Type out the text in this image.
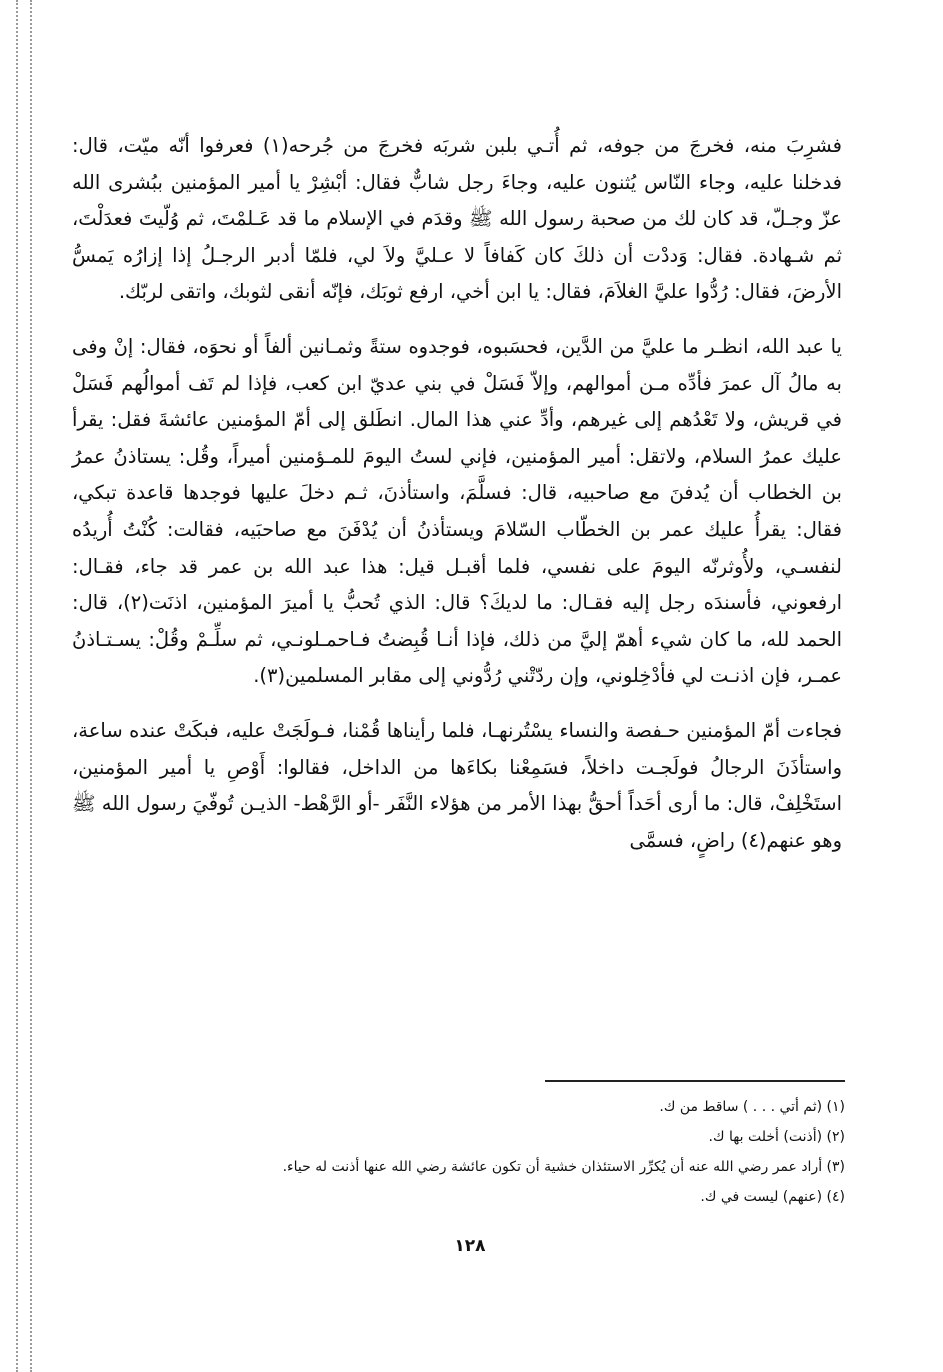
فشرِبَ منه، فخرجَ من جوفه، ثم أُتـي بلبن شربَه فخرجَ من جُرحه(١) فعرفوا أنّه ميّت، قال: فدخلنا عليه، وجاء النّاس يُثنون عليه، وجاءَ رجل شابٌّ فقال: أبْشِرْ يا أمير المؤمنين ببُشرى الله عزّ وجـلّ، قد كان لك من صحبة رسول الله ﷺ وقدَم في الإسلام ما قد عَـلمْتَ، ثم وُلّيتَ فعدَلْتَ، ثم شـهادة. فقال: وَددْت أن ذلكَ كان كَفافاً لا عـليَّ ولاَ لي، فلمّا أدبر الرجـلُ إذا إزارُه يَمسُّ الأرضَ، فقال: رُدُّوا عليَّ الغلاَمَ، فقال: يا ابن أخي، ارفع ثوبَك، فإنّه أنقى لثوبك، واتقى لربّك.

يا عبد الله، انظـر ما عليَّ من الدَّين، فحسَبوه، فوجدوه ستةً وثمـانين ألفاً أو نحوَه، فقال: إنْ وفى به مالُ آل عمرَ فأدِّه مـن أموالهم، وإلاّ فَسَلْ في بني عديّ ابن كعب، فإذا لم تَف أموالُهم فَسَلْ في قريش، ولا تَعْدُهم إلى غيرهم، وأدِّ عني هذا المال. انطَلق إلى أمّ المؤمنين عائشةَ فقل: يقرأ عليك عمرُ السلام، ولاتقل: أمير المؤمنين، فإني لستُ اليومَ للمـؤمنين أميراً، وقُل: يستاذنُ عمرُ بن الخطاب أن يُدفنَ مع صاحبيه، قال: فسلَّمَ، واستأذنَ، ثـم دخلَ عليها فوجدها قاعدة تبكي، فقال: يقرأُ عليك عمر بن الخطّاب السّلامَ ويستأذنُ أن يُدْفَنَ مع صاحبَيه، فقالت: كُنْتُ أُريدُه لنفسـي، ولأُوثرنّه اليومَ على نفسي، فلما أقبـل قيل: هذا عبد الله بن عمر قد جاء، فقـال: ارفعوني، فأسندَه رجل إليه فقـال: ما لديكَ؟ قال: الذي تُحبُّ يا أميرَ المؤمنين، اذنَت(٢)، قال: الحمد لله، ما كان شيء أهمّ إليَّ من ذلك، فإذا أنـا قُبِضتُ فـاحمـلونـي، ثم سلِّـمْ وقُلْ: يسـتـاذنُ عمـر، فإن اذنـت لي فأدْخِلوني، وإن ردّتْني رُدُّوني إلى مقابر المسلمين(٣).

فجاءت أمّ المؤمنين حـفصة والنساء يسْتُرنهـا، فلما رأيناها قُمْنا، فـولَجَتْ عليه، فبكَتْ عنده ساعة، واستأذَنَ الرجالُ فولَجـت داخلاً، فسَمِعْنا بكاءَها من الداخل، فقالوا: أَوْصِ يا أمير المؤمنين، استَخْلِفْ، قال: ما أرى أحَداً أحقُّ بهذا الأمر من هؤلاء النَّفَر -أو الرَّهْط- الذيـن تُوفّيَ رسول الله ﷺ وهو عنهم(٤) راضٍ، فسمَّى

(١) (ثم أتي . . . ) ساقط من ك.

(٢) (أذنت) أخلت بها ك.

(٣) أراد عمر رضي الله عنه أن يُكرِّر الاستئذان خشية أن تكون عائشة رضي الله عنها أذنت له حياء.

(٤) (عنهم) ليست في ك.

١٢٨
